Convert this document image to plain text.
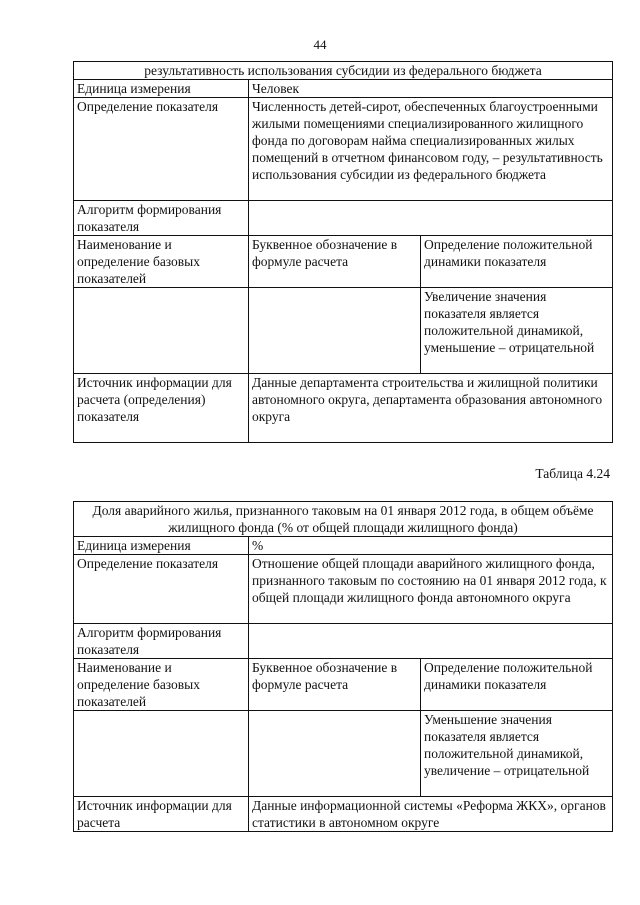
44
результативность использования субсидии из федерального бюджета		
Единица измерения	Человек	
Определение показателя	Численность детей-сирот, обеспеченных благоустроенными жилыми помещениями специализированного жилищного фонда по договорам найма специализированных жилых помещений в отчетном финансовом году, – результативность использования субсидии из федерального бюджета	
Алгоритм формирования показателя		
Наименование и определение базовых показателей	Буквенное обозначение в формуле расчета	Определение положительной динамики показателя
		Увеличение значения показателя является положительной динамикой, уменьшение – отрицательной
Источник информации для расчета (определения) показателя	Данные департамента строительства и жилищной политики автономного округа, департамента образования автономного округа	
Таблица 4.24
Доля аварийного жилья, признанного таковым на 01 января 2012 года, в общем объёме жилищного фонда (% от общей площади жилищного фонда)		
Единица измерения	%	
Определение показателя	Отношение общей площади аварийного жилищного фонда, признанного таковым по состоянию на 01 января 2012 года, к общей площади жилищного фонда автономного округа	
Алгоритм формирования показателя		
Наименование и определение базовых показателей	Буквенное обозначение в формуле расчета	Определение положительной динамики показателя
		Уменьшение значения показателя является положительной динамикой, увеличение – отрицательной
Источник информации для расчета	Данные информационной системы «Реформа ЖКХ», органов статистики в автономном округе	
